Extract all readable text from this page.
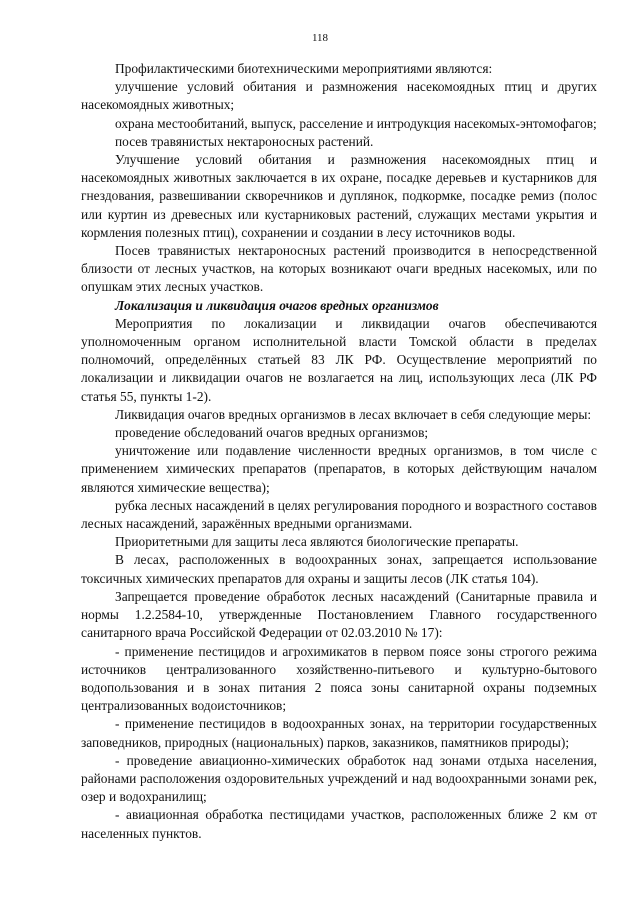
118

Профилактическими биотехническими мероприятиями являются:

улучшение условий обитания и размножения насекомоядных птиц и других насекомоядных животных;

охрана местообитаний, выпуск, расселение и интродукция насекомых-энтомофагов;

посев травянистых нектароносных растений.

Улучшение условий обитания и размножения насекомоядных птиц и насекомоядных животных заключается в их охране, посадке деревьев и кустарников для гнездования, развешивании скворечников и дуплянок, подкормке, посадке ремиз (полос или куртин из древесных или кустарниковых растений, служащих местами укрытия и кормления полезных птиц), сохранении и создании в лесу источников воды.

Посев травянистых нектароносных растений производится в непосредственной близости от лесных участков, на которых возникают очаги вредных насекомых, или по опушкам этих лесных участков.

Локализация и ликвидация очагов вредных организмов

Мероприятия по локализации и ликвидации очагов обеспечиваются уполномоченным органом исполнительной власти Томской области в пределах полномочий, определённых статьей 83 ЛК РФ. Осуществление мероприятий по локализации и ликвидации очагов не возлагается на лиц, использующих леса (ЛК РФ статья 55, пункты 1-2).

Ликвидация очагов вредных организмов в лесах включает в себя следующие меры:

проведение обследований очагов вредных организмов;

уничтожение или подавление численности вредных организмов, в том числе с применением химических препаратов (препаратов, в которых действующим началом являются химические вещества);

рубка лесных насаждений в целях регулирования породного и возрастного составов лесных насаждений, заражённых вредными организмами.

Приоритетными для защиты леса являются биологические препараты.

В лесах, расположенных в водоохранных зонах, запрещается использование токсичных химических препаратов для охраны и защиты лесов (ЛК статья 104).

Запрещается проведение обработок лесных насаждений (Санитарные правила и нормы 1.2.2584-10, утвержденные Постановлением Главного государственного санитарного врача Российской Федерации от 02.03.2010 № 17):

- применение пестицидов и агрохимикатов в первом поясе зоны строгого режима источников централизованного хозяйственно-питьевого и культурно-бытового водопользования и в зонах питания 2 пояса зоны санитарной охраны подземных централизованных водоисточников;

- применение пестицидов в водоохранных зонах, на территории государственных заповедников, природных (национальных) парков, заказников, памятников природы);

- проведение авиационно-химических обработок над зонами отдыха населения, районами расположения оздоровительных учреждений и над водоохранными зонами рек, озер и водохранилищ;

- авиационная обработка пестицидами участков, расположенных ближе 2 км от населенных пунктов.
